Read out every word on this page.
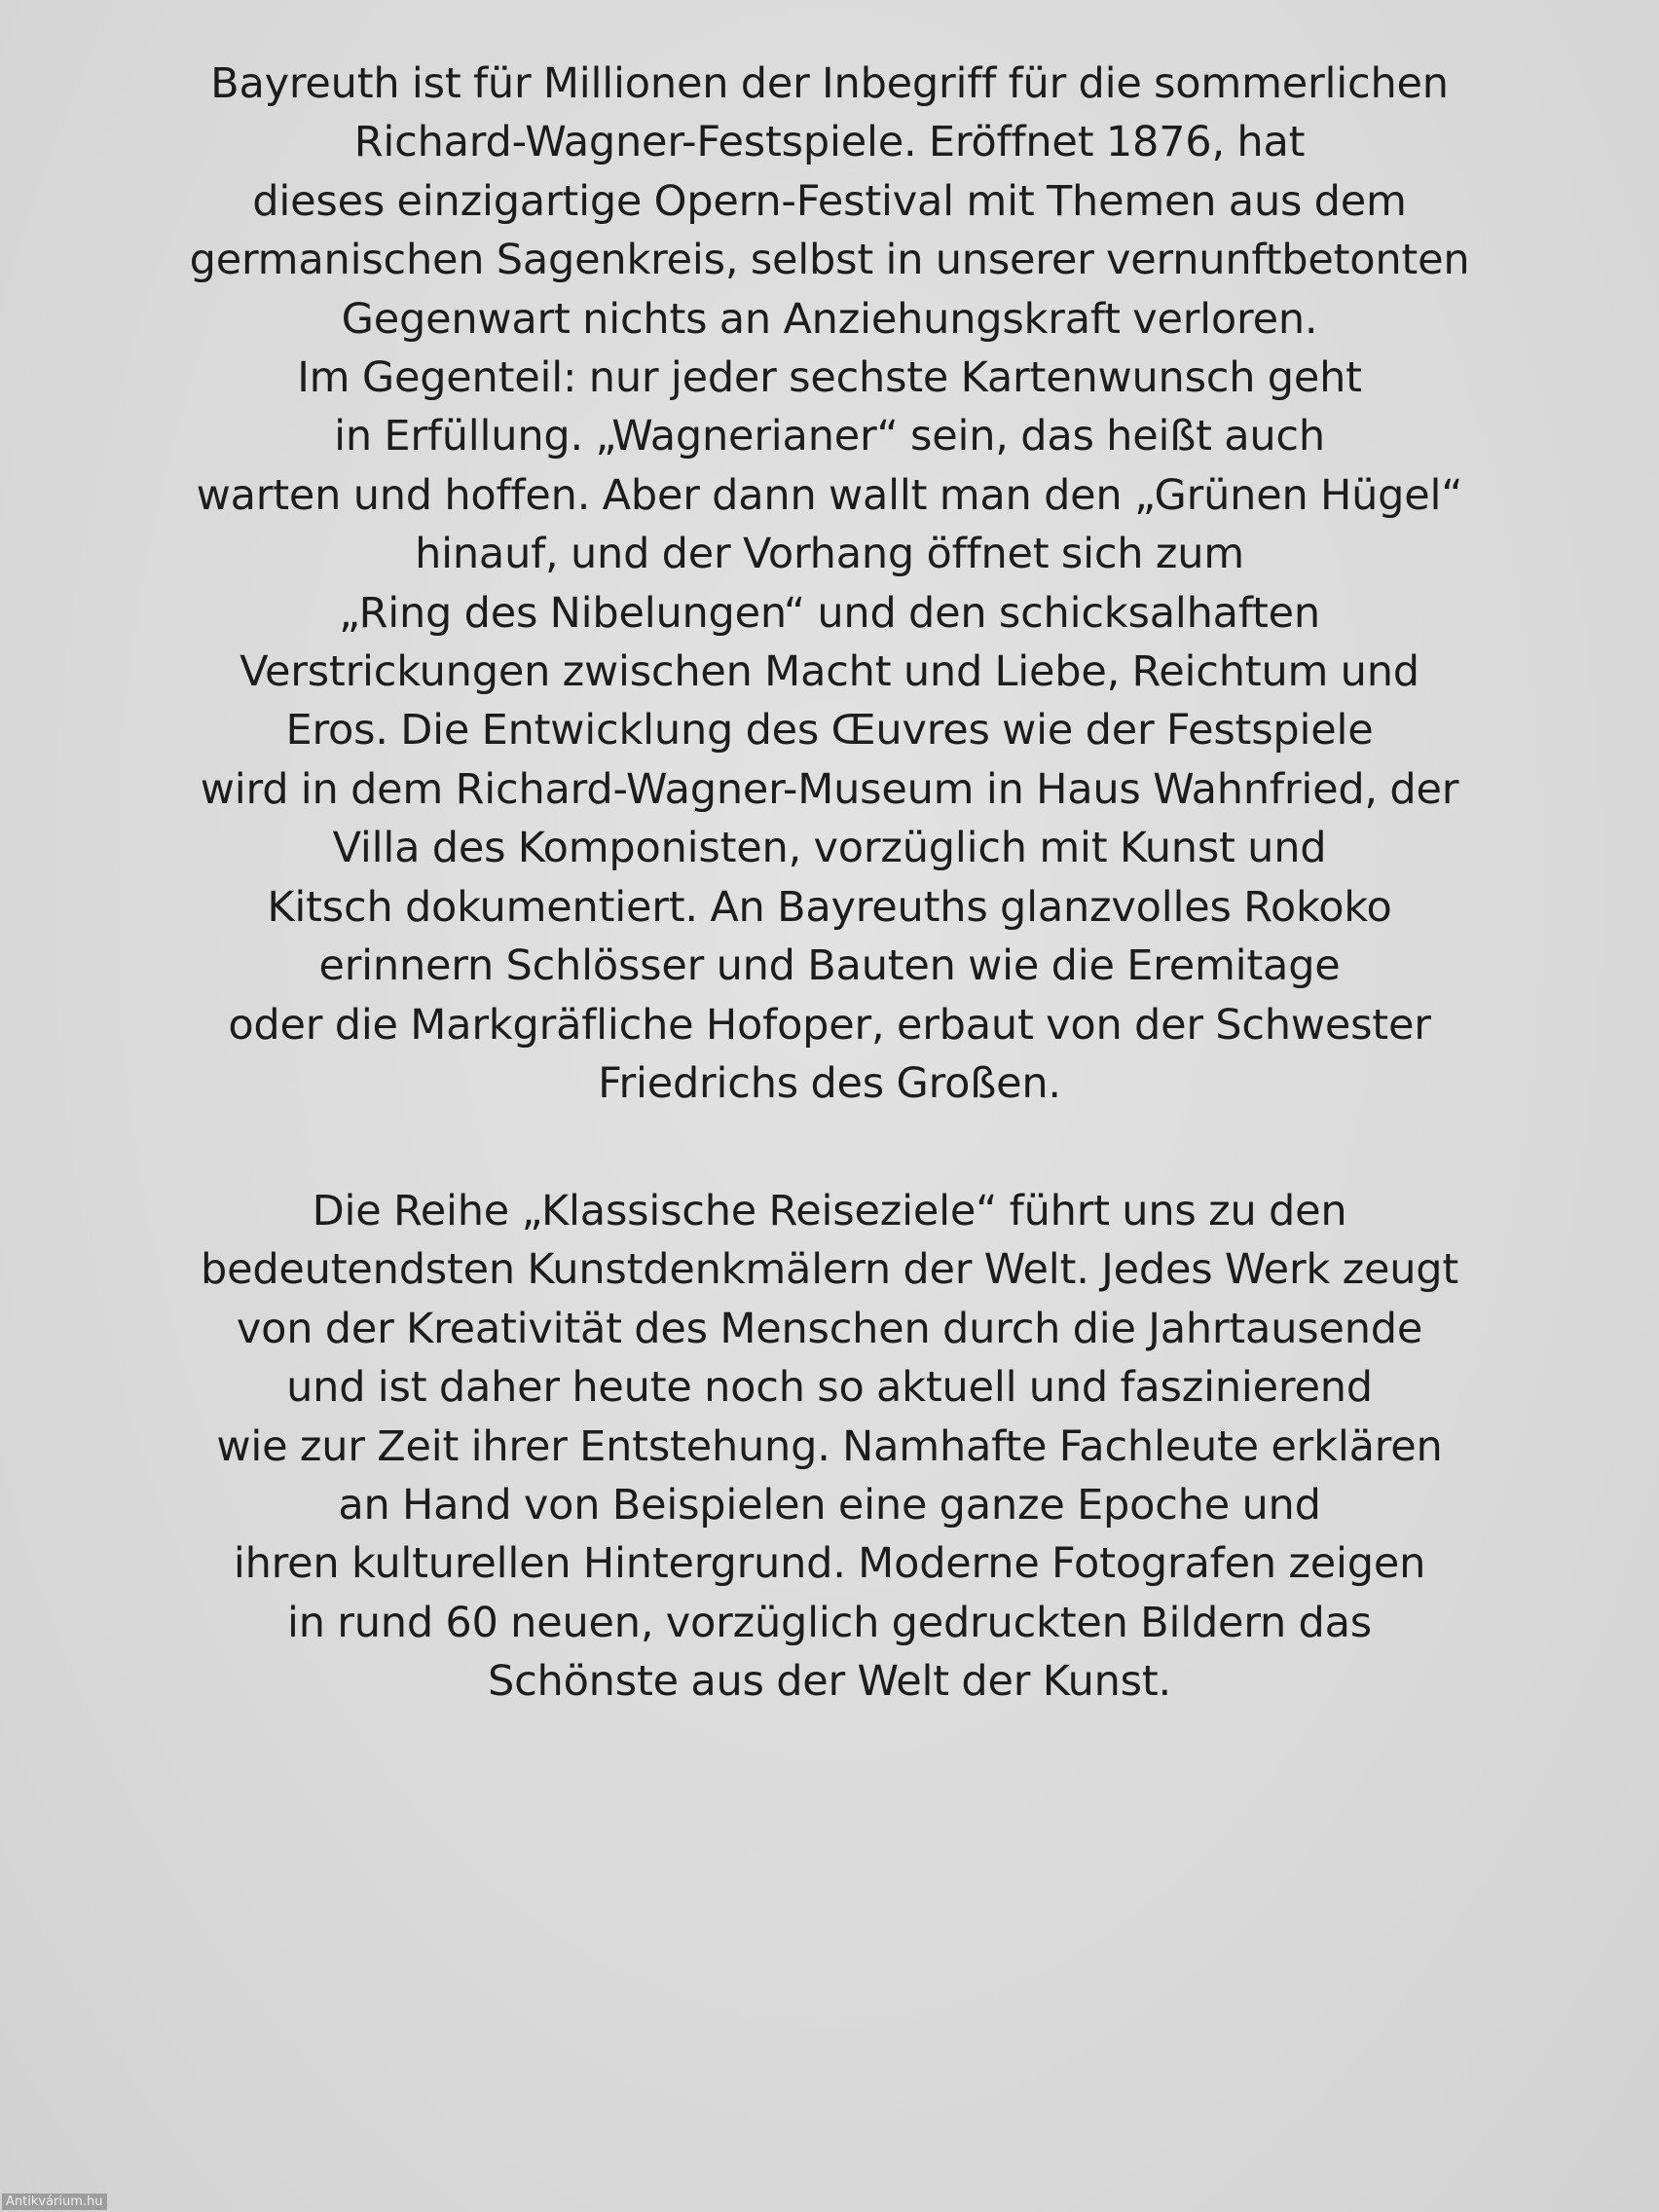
Bayreuth ist für Millionen der Inbegriff für die sommerlichen
Richard-Wagner-Festspiele. Eröffnet 1876, hat
dieses einzigartige Opern-Festival mit Themen aus dem
germanischen Sagenkreis, selbst in unserer vernunftbetonten
Gegenwart nichts an Anziehungskraft verloren.
Im Gegenteil: nur jeder sechste Kartenwunsch geht
in Erfüllung. „Wagnerianer“ sein, das heißt auch
warten und hoffen. Aber dann wallt man den „Grünen Hügel“
hinauf, und der Vorhang öffnet sich zum
„Ring des Nibelungen“ und den schicksalhaften
Verstrickungen zwischen Macht und Liebe, Reichtum und
Eros. Die Entwicklung des Œuvres wie der Festspiele
wird in dem Richard-Wagner-Museum in Haus Wahnfried, der
Villa des Komponisten, vorzüglich mit Kunst und
Kitsch dokumentiert. An Bayreuths glanzvolles Rokoko
erinnern Schlösser und Bauten wie die Eremitage
oder die Markgräfliche Hofoper, erbaut von der Schwester
Friedrichs des Großen.
Die Reihe „Klassische Reiseziele“ führt uns zu den
bedeutendsten Kunstdenkmälern der Welt. Jedes Werk zeugt
von der Kreativität des Menschen durch die Jahrtausende
und ist daher heute noch so aktuell und faszinierend
wie zur Zeit ihrer Entstehung. Namhafte Fachleute erklären
an Hand von Beispielen eine ganze Epoche und
ihren kulturellen Hintergrund. Moderne Fotografen zeigen
in rund 60 neuen, vorzüglich gedruckten Bildern das
Schönste aus der Welt der Kunst.
Antikvárium.hu
